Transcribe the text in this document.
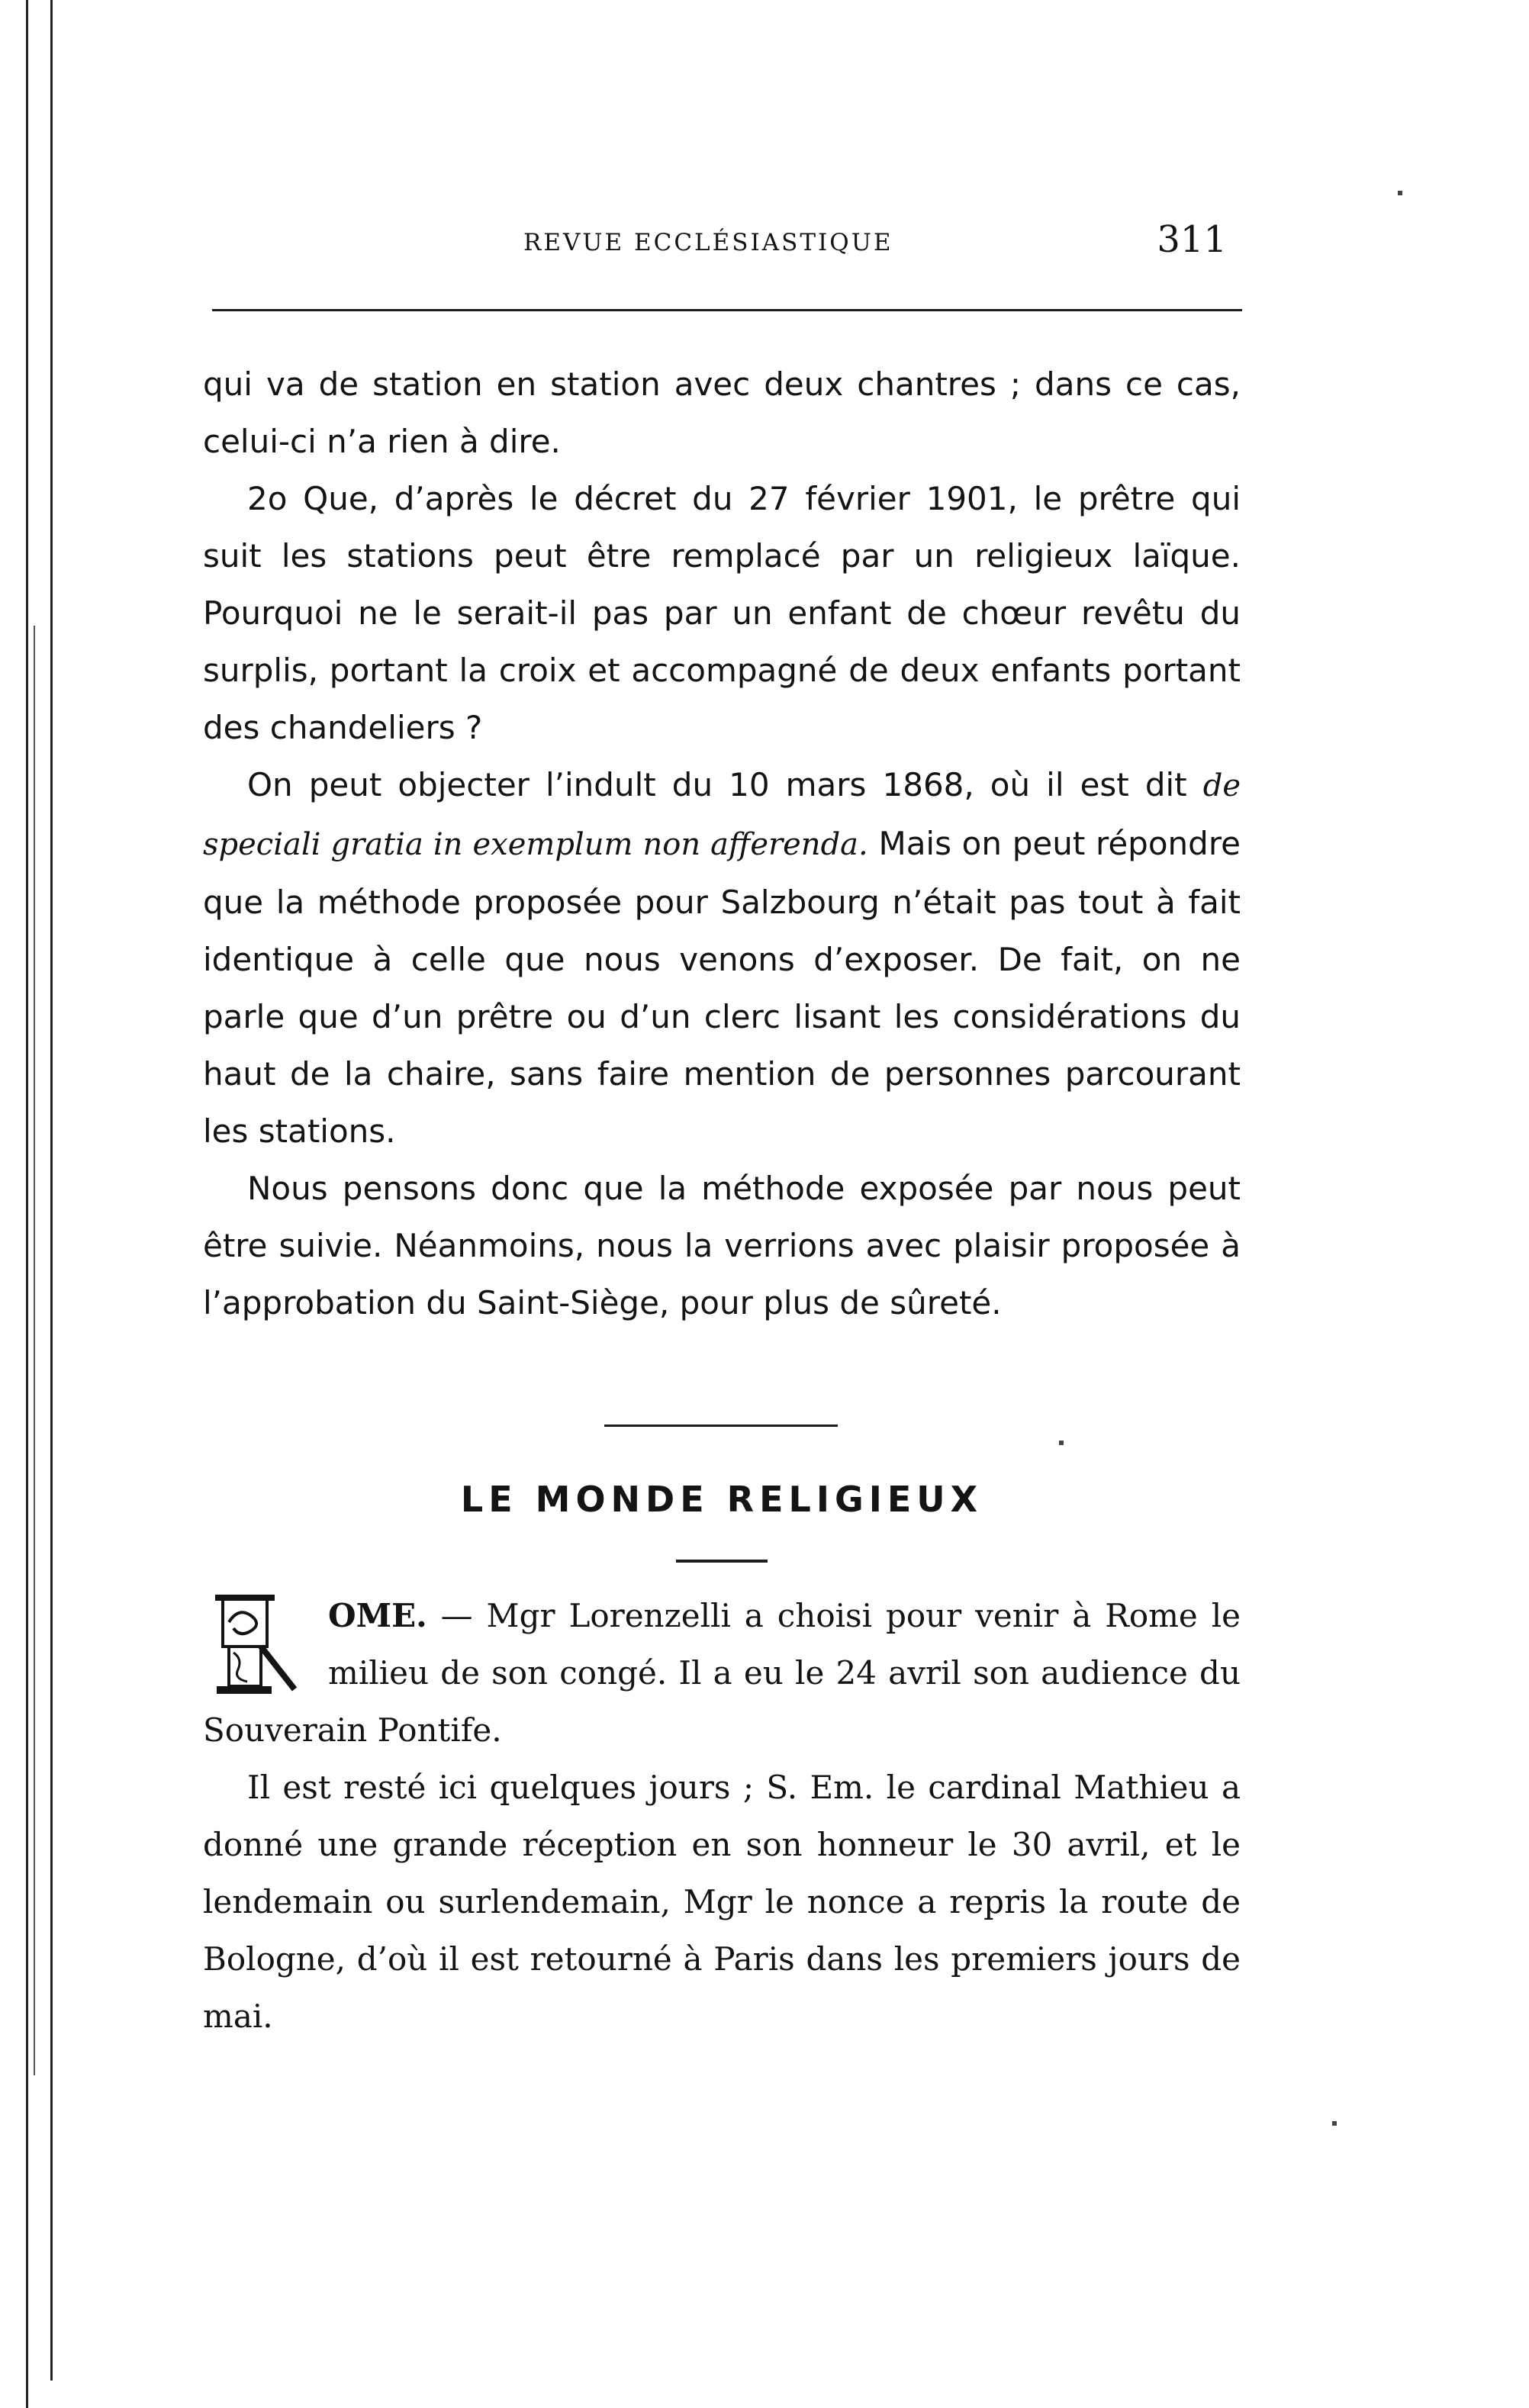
REVUE ECCLÉSIASTIQUE	311

qui va de station en station avec deux chantres ; dans ce cas, celui-ci n’a rien à dire.

2o Que, d’après le décret du 27 février 1901, le prêtre qui suit les stations peut être remplacé par un religieux laïque. Pourquoi ne le serait-il pas par un enfant de chœur revêtu du surplis, portant la croix et accompagné de deux enfants portant des chandeliers ?

On peut objecter l’indult du 10 mars 1868, où il est dit de speciali gratia in exemplum non afferenda. Mais on peut répondre que la méthode proposée pour Salzbourg n’était pas tout à fait identique à celle que nous venons d’exposer. De fait, on ne parle que d’un prêtre ou d’un clerc lisant les considérations du haut de la chaire, sans faire mention de personnes parcourant les stations.

Nous pensons donc que la méthode exposée par nous peut être suivie. Néanmoins, nous la verrions avec plaisir proposée à l’approbation du Saint-Siège, pour plus de sûreté.

LE MONDE RELIGIEUX

OME. — Mgr Lorenzelli a choisi pour venir à Rome le milieu de son congé. Il a eu le 24 avril son audience du Souverain Pontife.

Il est resté ici quelques jours ; S. Em. le cardinal Mathieu a donné une grande réception en son honneur le 30 avril, et le lendemain ou surlendemain, Mgr le nonce a repris la route de Bologne, d’où il est retourné à Paris dans les premiers jours de mai.
